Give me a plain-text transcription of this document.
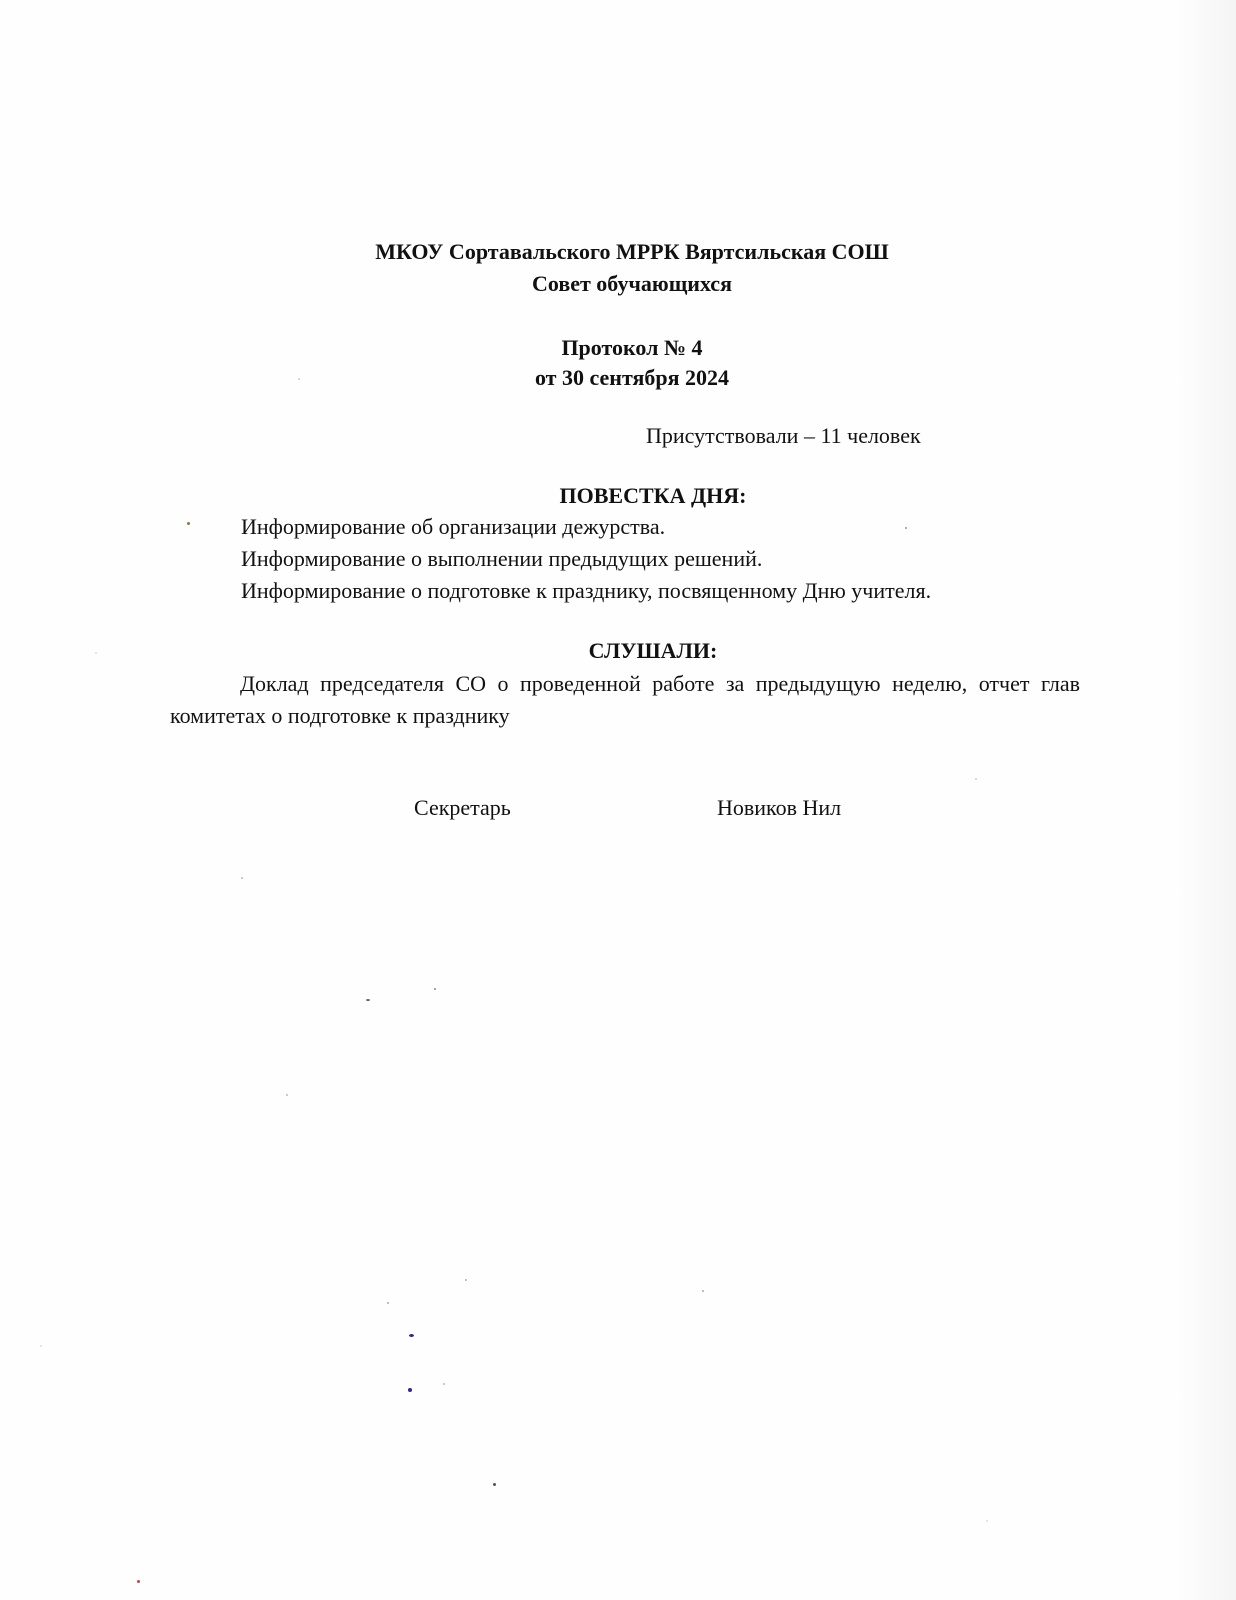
МКОУ Сортавальского МРРК Вяртсильская СОШ
Совет обучающихся
Протокол № 4
от 30 сентября 2024
Присутствовали – 11 человек
ПОВЕСТКА ДНЯ:
Информирование об организации дежурства.
Информирование о выполнении предыдущих решений.
Информирование о подготовке к празднику, посвященному Дню учителя.
СЛУШАЛИ:
Доклад председателя СО о проведенной работе за предыдущую неделю, отчет глав комитетах о подготовке к празднику
Секретарь	Новиков Нил
